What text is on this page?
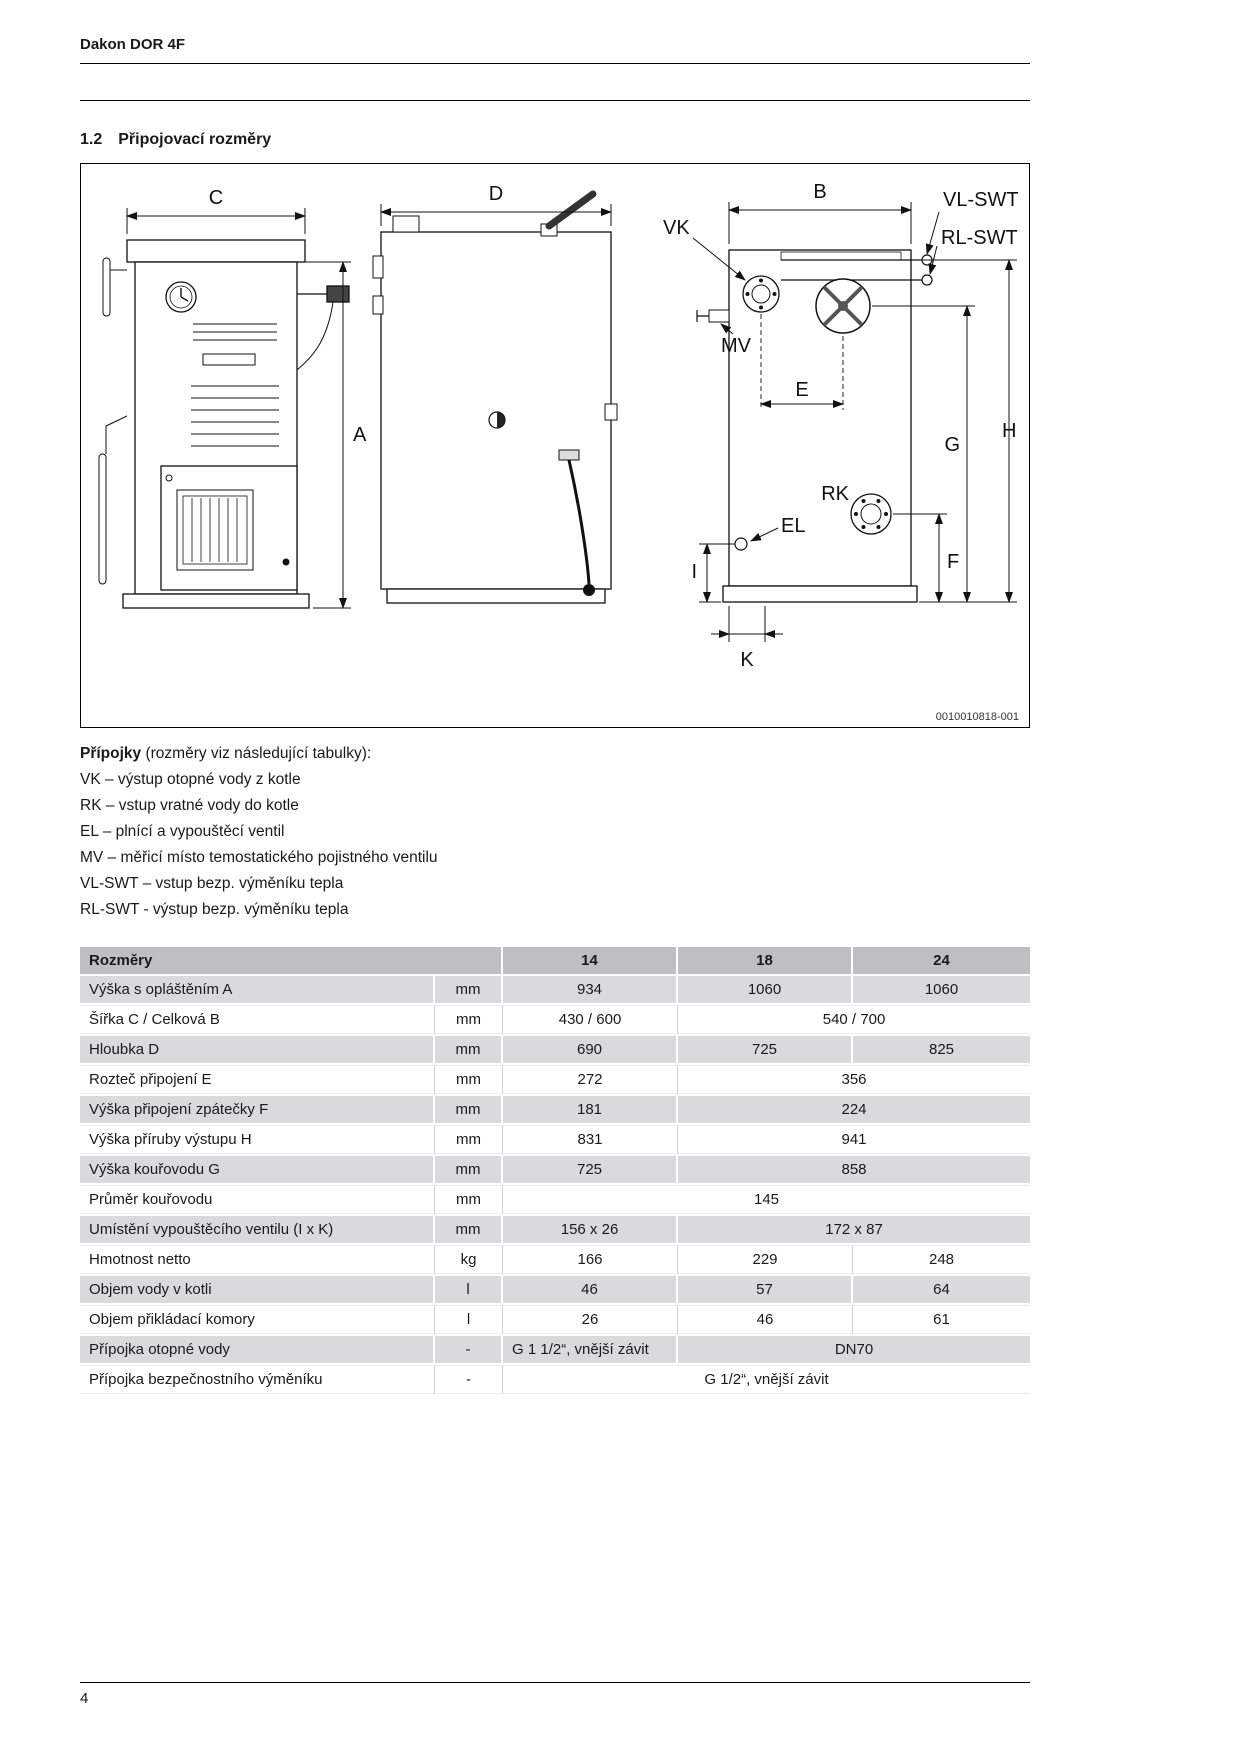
Dakon DOR 4F
1.2 Připojovací rozměry
C
A
D	B	VL-SWT
RL-SWT
VK
MV
E
G
H
RK
EL
F
I
K
0010010818-001
Přípojky (rozměry viz následující tabulky):
VK – výstup otopné vody z kotle
RK – vstup vratné vody do kotle
EL – plnící a vypouštěcí ventil
MV – měřicí místo temostatického pojistného ventilu
VL-SWT – vstup bezp. výměníku tepla
RL-SWT - výstup bezp. výměníku tepla
Rozměry		14	18	24
Výška s opláštěním A	mm	934	1060	1060
Šířka C / Celková B	mm	430 / 600	540 / 700	
Hloubka D	mm	690	725	825
Rozteč připojení E	mm	272	356	
Výška připojení zpátečky F	mm	181	224	
Výška příruby výstupu H	mm	831	941	
Výška kouřovodu G	mm	725	858	
Průměr kouřovodu	mm	145		
Umístění vypouštěcího ventilu (I x K)	mm	156 x 26	172 x 87	
Hmotnost netto	kg	166	229	248
Objem vody v kotli	l	46	57	64
Objem přikládací komory	l	26	46	61
Přípojka otopné vody	-	G 1 1/2“, vnější závit	DN70	
Přípojka bezpečnostního výměníku	-	G 1/2“, vnější závit		
4
